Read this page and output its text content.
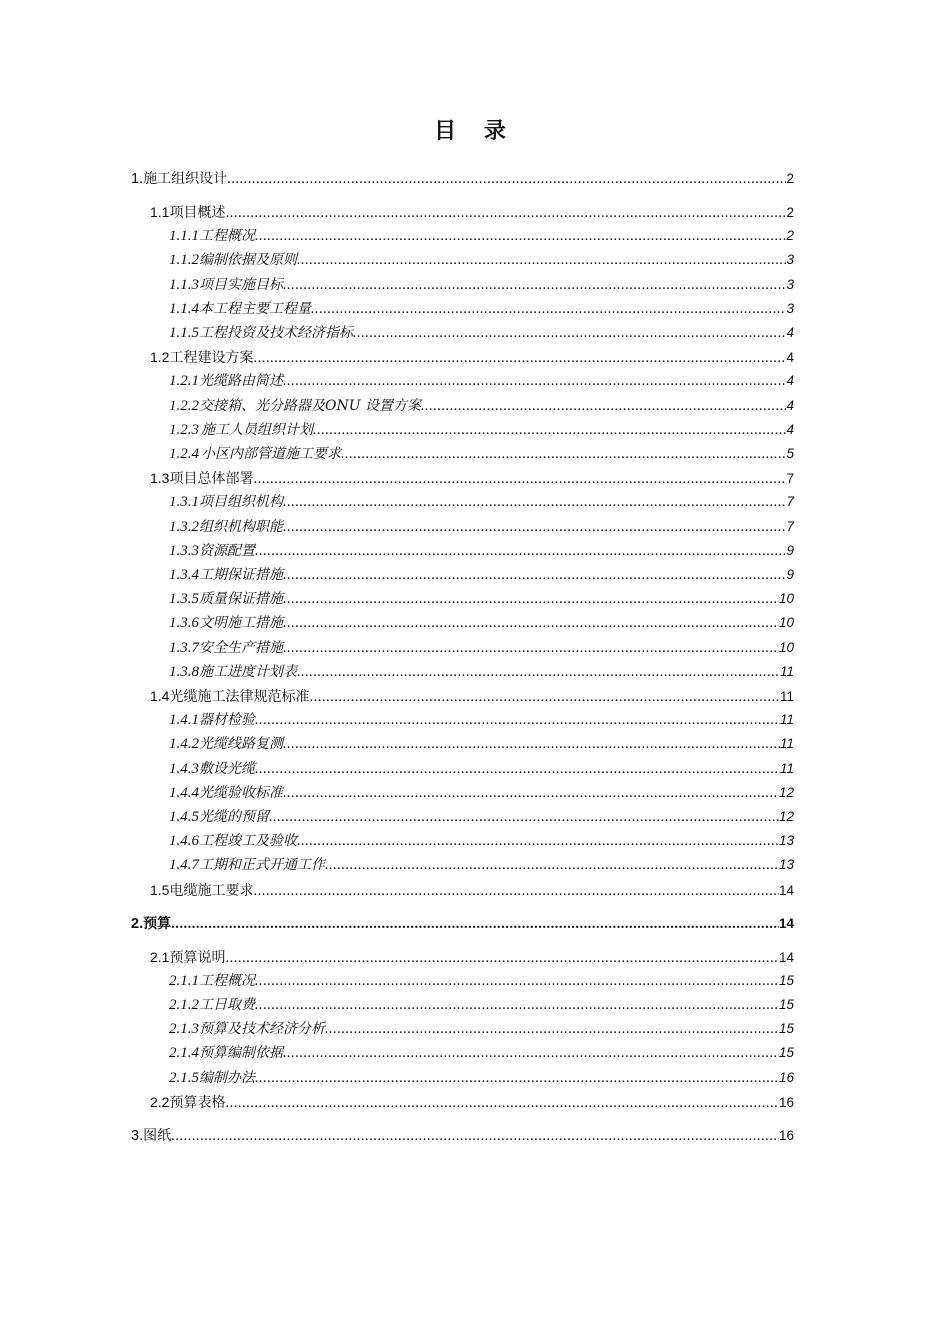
目 录
1. 施工组织设计 .....	2
1.1 项目概述 .....	2
1.1.1 工程概况 .....	2
1.1.2 编制依据及原则 .....	3
1.1.3 项目实施目标 .....	3
1.1.4 本工程主要工程量 .....	3
1.1.5 工程投资及技术经济指标 .....	4
1.2 工程建设方案 .....	4
1.2.1 光缆路由简述 .....	4
1.2.2 交接箱、光分路器及ONU 设置方案 .....	4
1.2.3 施工人员组织计划 .....	4
1.2.4 小区内部管道施工要求 .....	5
1.3 项目总体部署 .....	7
1.3.1 项目组织机构 .....	7
1.3.2 组织机构职能 .....	7
1.3.3 资源配置 .....	9
1.3.4 工期保证措施 .....	9
1.3.5 质量保证措施 .....	10
1.3.6 文明施工措施 .....	10
1.3.7 安全生产措施 .....	10
1.3.8 施工进度计划表 .....	11
1.4 光缆施工法律规范标准 .....	11
1.4.1 器材检验 .....	11
1.4.2 光缆线路复测 .....	11
1.4.3 敷设光缆 .....	11
1.4.4 光缆验收标准 .....	12
1.4.5 光缆的预留 .....	12
1.4.6 工程竣工及验收 .....	13
1.4.7 工期和正式开通工作 .....	13
1.5 电缆施工要求 .....	14
2. 预算 .....	14
2.1 预算说明 .....	14
2.1.1 工程概况 .....	15
2.1.2 工日取费 .....	15
2.1.3 预算及技术经济分析 .....	15
2.1.4 预算编制依据 .....	15
2.1.5 编制办法 .....	16
2.2 预算表格 .....	16
3. 图纸 .....	16
